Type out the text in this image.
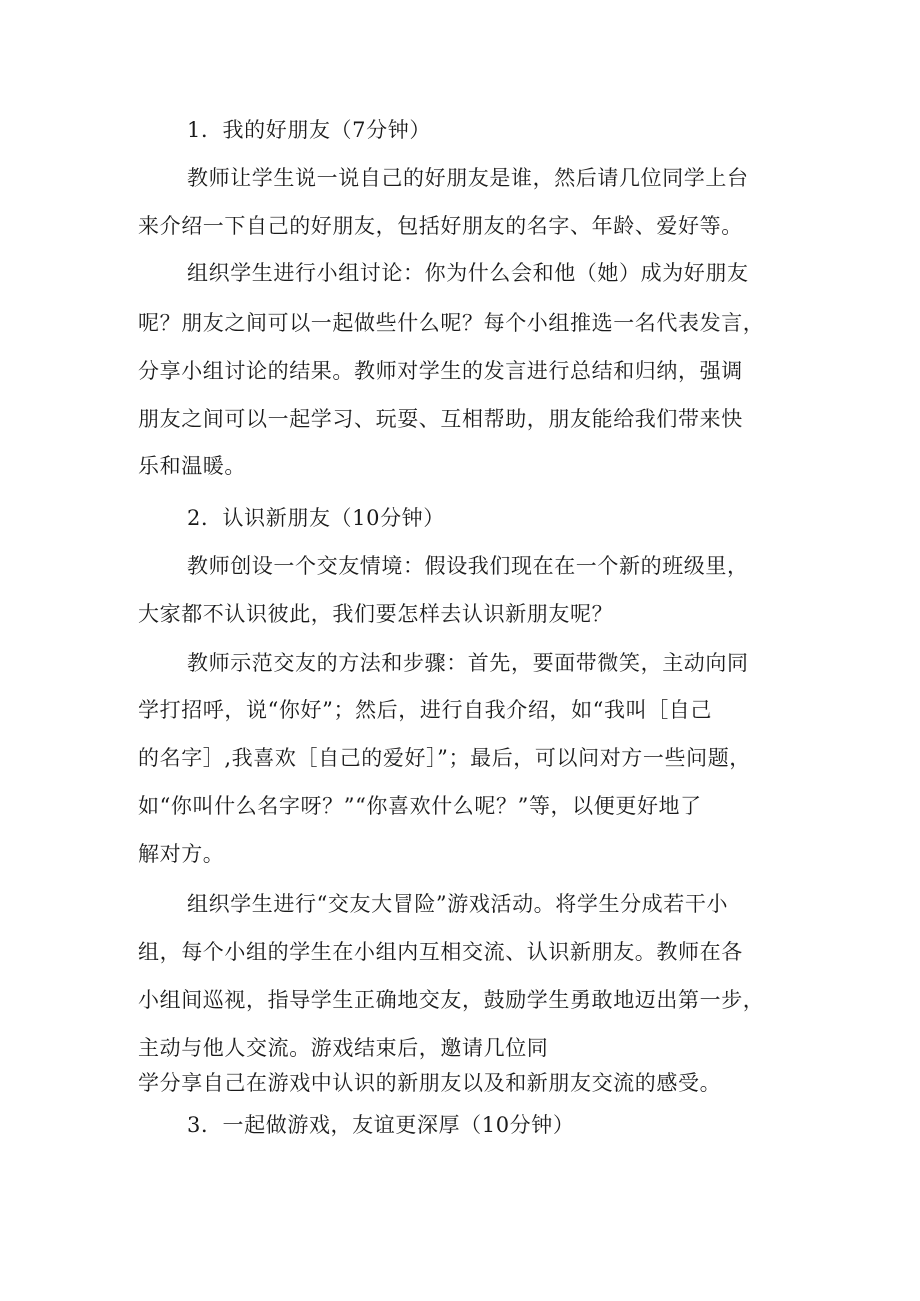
1．我的好朋友（7分钟）
教师让学生说一说自己的好朋友是谁，然后请几位同学上台
来介绍一下自己的好朋友，包括好朋友的名字、年龄、爱好等。
组织学生进行小组讨论：你为什么会和他（她）成为好朋友
呢？朋友之间可以一起做些什么呢？每个小组推选一名代表发言，
分享小组讨论的结果。教师对学生的发言进行总结和归纳，强调
朋友之间可以一起学习、玩耍、互相帮助，朋友能给我们带来快
乐和温暖。
2．认识新朋友（10分钟）
教师创设一个交友情境：假设我们现在在一个新的班级里，
大家都不认识彼此，我们要怎样去认识新朋友呢？
教师示范交友的方法和步骤：首先，要面带微笑，主动向同
学打招呼，说“你好”；然后，进行自我介绍，如“我叫［自己
的名字］,我喜欢［自己的爱好］”；最后，可以问对方一些问题，
如“你叫什么名字呀？”“你喜欢什么呢？”等，以便更好地了
解对方。
组织学生进行“交友大冒险”游戏活动。将学生分成若干小
组，每个小组的学生在小组内互相交流、认识新朋友。教师在各
小组间巡视，指导学生正确地交友，鼓励学生勇敢地迈出第一步，
主动与他人交流。游戏结束后，邀请几位同
学分享自己在游戏中认识的新朋友以及和新朋友交流的感受。
3．一起做游戏，友谊更深厚（10分钟）
